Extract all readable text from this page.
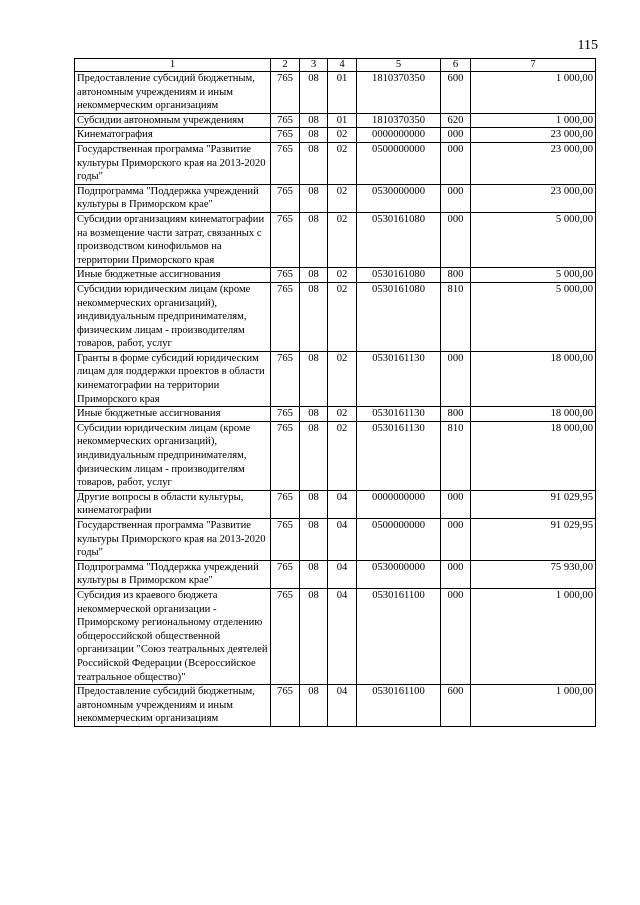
115
1	2	3	4	5	6	7
Предоставление субсидий бюджетным, автономным учреждениям и иным некоммерческим организациям	765	08	01	1810370350	600	1 000,00
Субсидии автономным учреждениям	765	08	01	1810370350	620	1 000,00
Кинематография	765	08	02	0000000000	000	23 000,00
Государственная программа "Развитие культуры Приморского края на 2013-2020 годы"	765	08	02	0500000000	000	23 000,00
Подпрограмма "Поддержка учреждений культуры в Приморском крае"	765	08	02	0530000000	000	23 000,00
Субсидии организациям кинематографии на возмещение части затрат, связанных с производством кинофильмов на территории Приморского края	765	08	02	0530161080	000	5 000,00
Иные бюджетные ассигнования	765	08	02	0530161080	800	5 000,00
Субсидии юридическим лицам (кроме некоммерческих организаций), индивидуальным предпринимателям, физическим лицам - производителям товаров, работ, услуг	765	08	02	0530161080	810	5 000,00
Гранты в форме субсидий юридическим лицам для поддержки проектов в области кинематографии на территории Приморского края	765	08	02	0530161130	000	18 000,00
Иные бюджетные ассигнования	765	08	02	0530161130	800	18 000,00
Субсидии юридическим лицам (кроме некоммерческих организаций), индивидуальным предпринимателям, физическим лицам - производителям товаров, работ, услуг	765	08	02	0530161130	810	18 000,00
Другие вопросы в области культуры, кинематографии	765	08	04	0000000000	000	91 029,95
Государственная программа "Развитие культуры Приморского края на 2013-2020 годы"	765	08	04	0500000000	000	91 029,95
Подпрограмма "Поддержка учреждений культуры в Приморском крае"	765	08	04	0530000000	000	75 930,00
Субсидия из краевого бюджета некоммерческой организации - Приморскому региональному отделению общероссийской общественной организации "Союз театральных деятелей Российской Федерации (Всероссийское театральное общество)"	765	08	04	0530161100	000	1 000,00
Предоставление субсидий бюджетным, автономным учреждениям и иным некоммерческим организациям	765	08	04	0530161100	600	1 000,00
